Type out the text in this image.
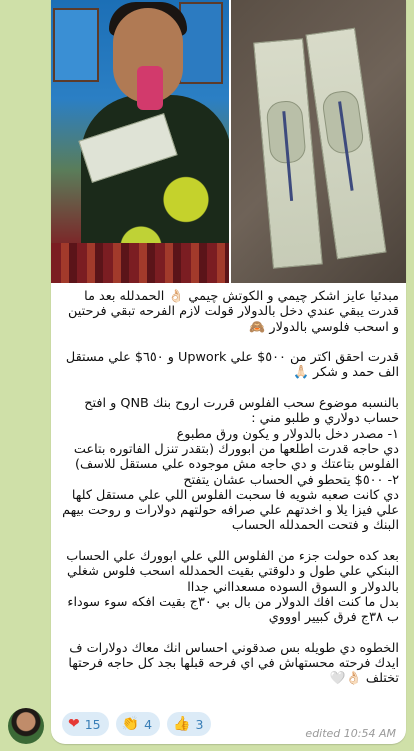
مبدئيا عايز اشكر چيمي و الكوتش چيمي 👌🏻 الحمدلله بعد ما قدرت يبقي عندي دخل بالدولار قولت لازم الفرحه تبقي فرحتين و اسحب فلوسي بالدولار 🙈

قدرت احقق اكتر من ٥٠٠$ علي Upwork و ٦٥٠$ علي مستقل الف حمد و شكر 🙏🏻

بالنسبه موضوع سحب الفلوس قررت اروح بنك QNB و افتح حساب دولاري و طلبو مني :
١- مصدر دخل بالدولار و يكون ورق مطبوع
دي حاجه قدرت اطلعها من ابوورك (بتقدر تنزل الفاتوره بتاعت الفلوس بتاعتك و دي حاجه مش موجوده علي مستقل للاسف)
٢- ٥٠٠$ يتحطو في الحساب عشان يتفتح
دي كانت صعبه شويه فا سحبت الفلوس اللي علي مستقل كلها علي فيزا يلا و اخدتهم علي صرافه حولتهم دولارات و روحت بيهم البنك و فتحت الحمدلله الحساب

بعد كده حولت جزء من الفلوس اللي علي ابوورك علي الحساب البنكي علي طول و دلوقتي بقيت الحمدلله اسحب فلوس شغلي بالدولار و السوق السوده مسعدااني جداا
بدل ما كنت افك الدولار من بال بي ٣٠ج بقيت افكه سوء سوداء ب ٣٨ج فرق كبيير اوووي

الخطوه دي طويله بس صدقوني احساس انك معاك دولارات ف ايدك فرحته محستهاش في اي فرحه قبلها بجد كل حاجه فرحتها تختلف 👌🏻🤍
❤ 15 👏 4 👍 3
edited 10:54 AM
